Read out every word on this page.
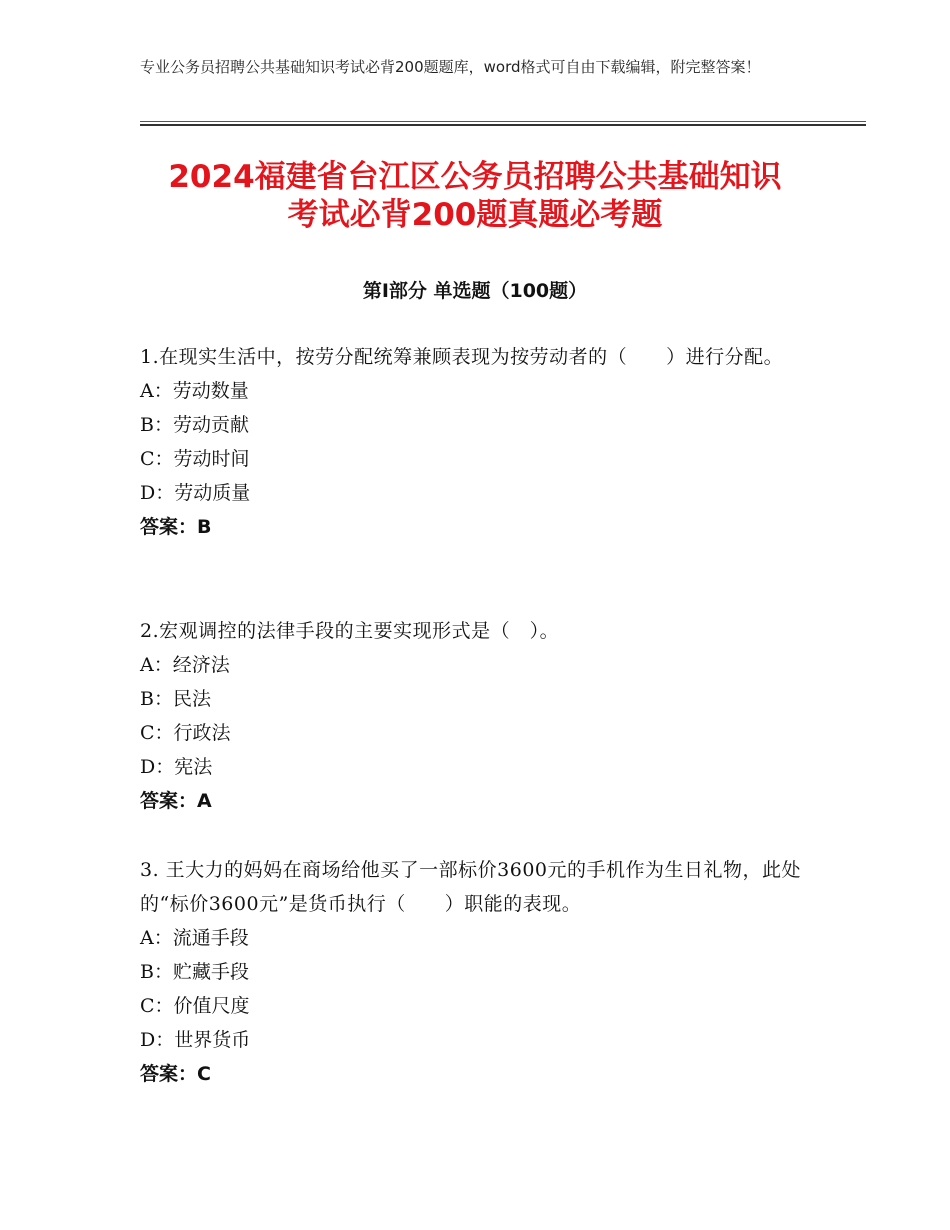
专业公务员招聘公共基础知识考试必背200题题库，word格式可自由下载编辑，附完整答案！
2024福建省台江区公务员招聘公共基础知识
考试必背200题真题必考题
第Ⅰ部分 单选题（100题）
1.在现实生活中，按劳分配统筹兼顾表现为按劳动者的（　　）进行分配。
A：劳动数量
B：劳动贡献
C：劳动时间
D：劳动质量
答案：B
2.宏观调控的法律手段的主要实现形式是（　）。
A：经济法
B：民法
C：行政法
D：宪法
答案：A
3. 王大力的妈妈在商场给他买了一部标价3600元的手机作为生日礼物，此处的“标价3600元”是货币执行（　　）职能的表现。
A：流通手段
B：贮藏手段
C：价值尺度
D：世界货币
答案：C
